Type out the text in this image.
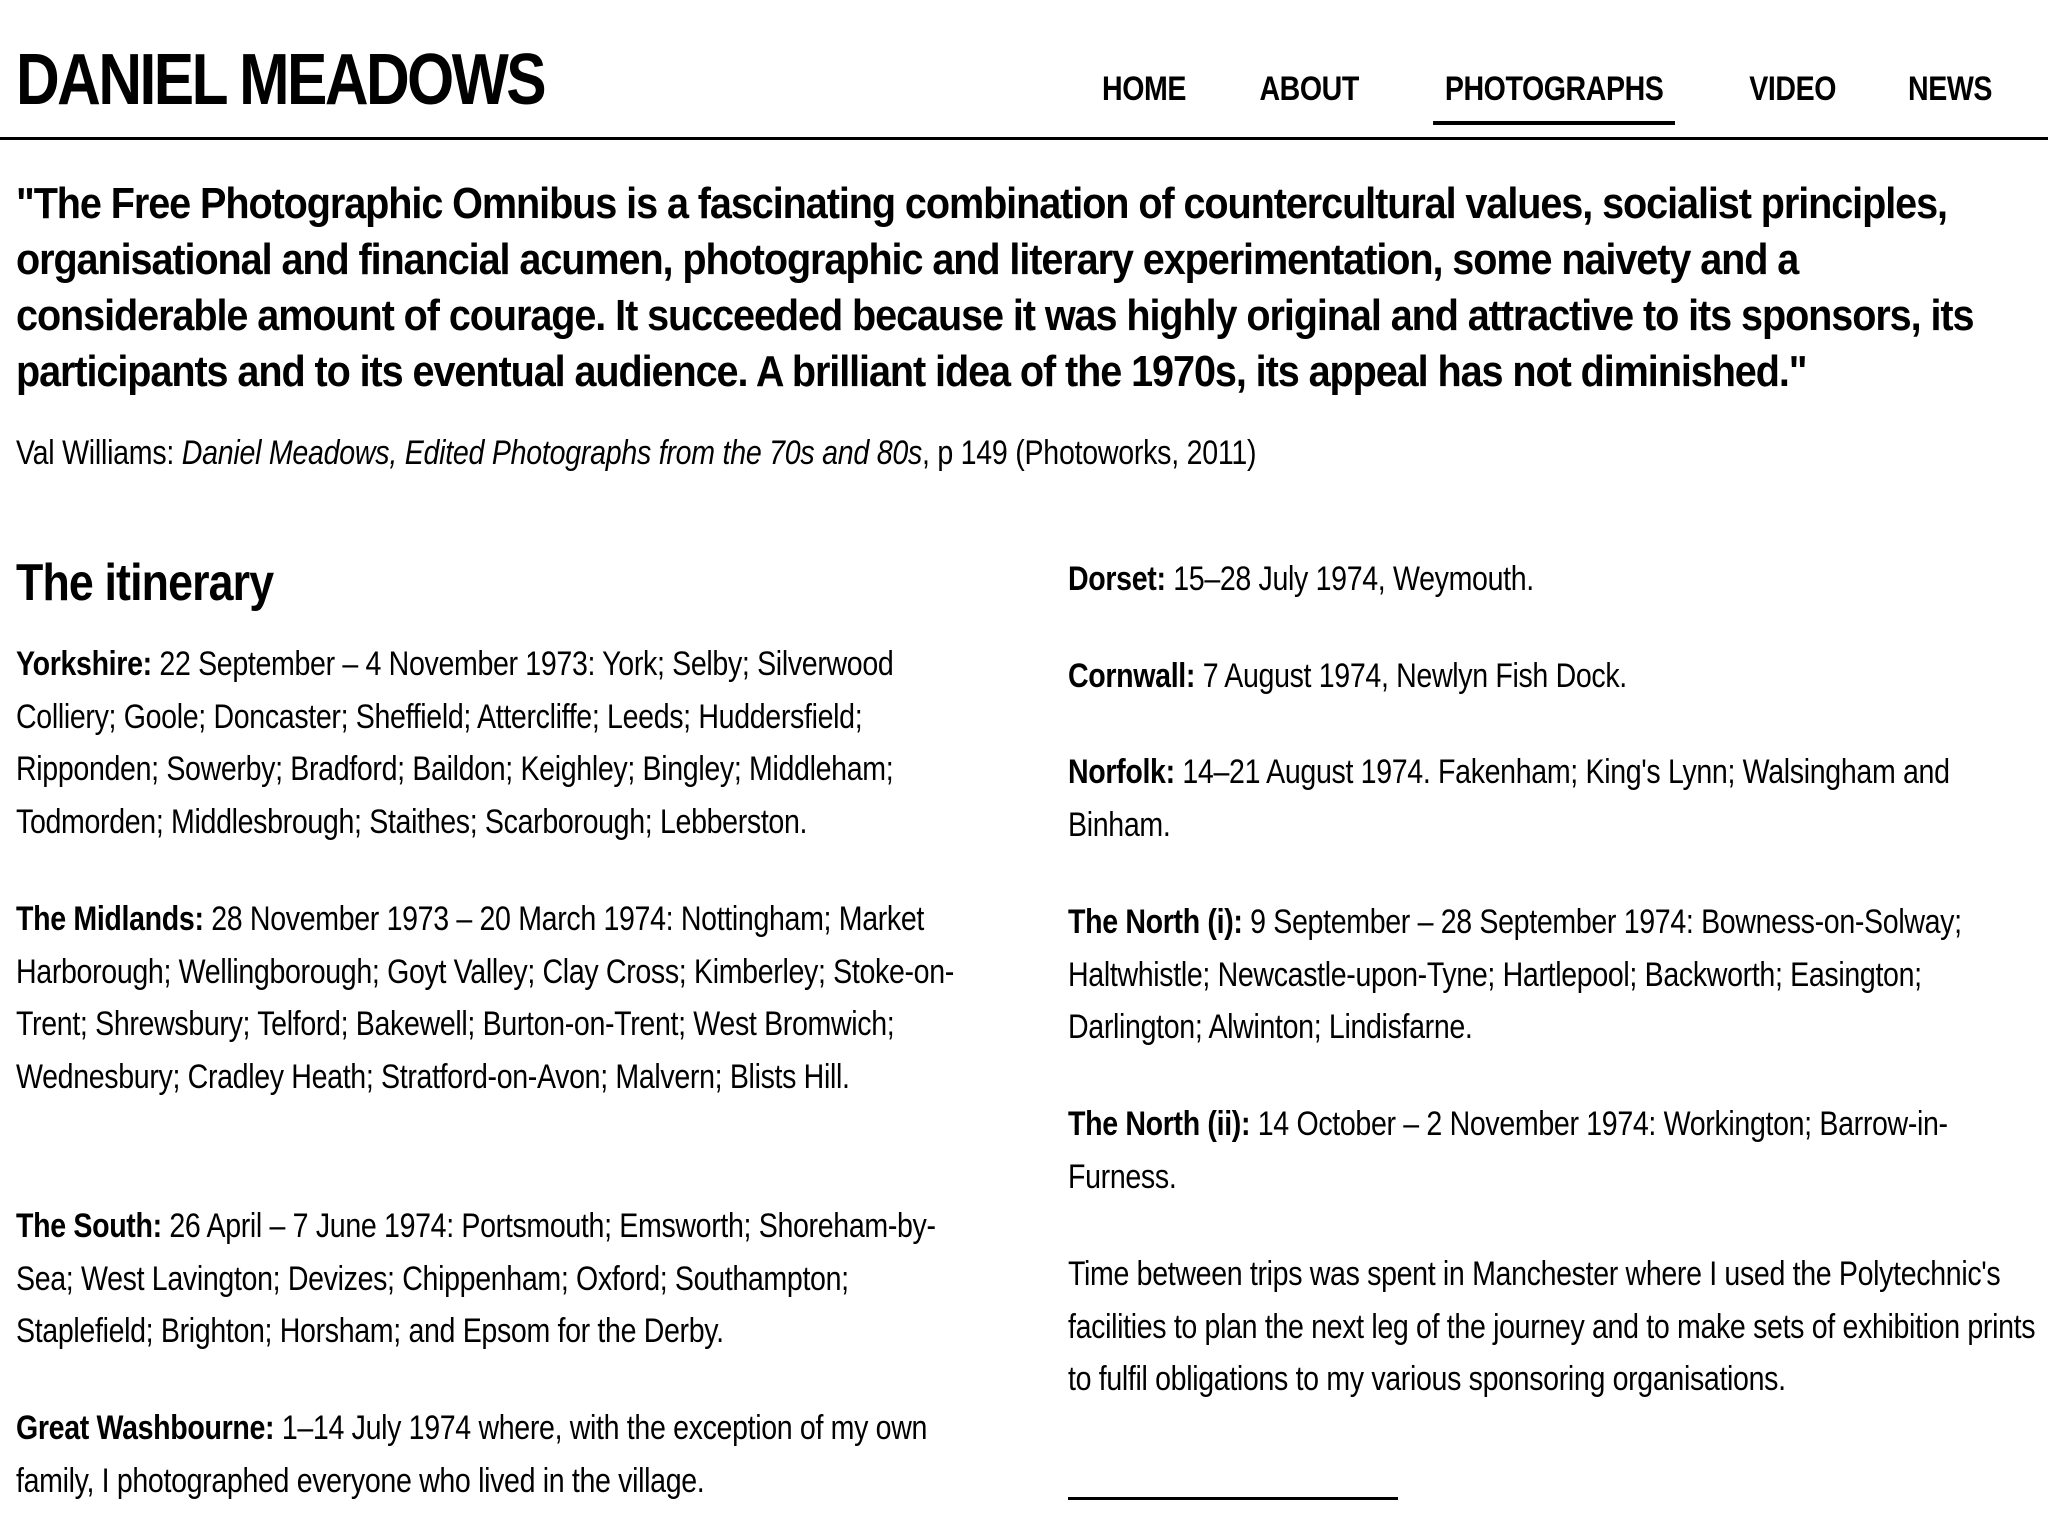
DANIEL MEADOWS	HOME	ABOUT	PHOTOGRAPHS	VIDEO	NEWS
"The Free Photographic Omnibus is a fascinating combination of countercultural values, socialist principles, organisational and financial acumen, photographic and literary experimentation, some naivety and a considerable amount of courage. It succeeded because it was highly original and attractive to its sponsors, its participants and to its eventual audience. A brilliant idea of the 1970s, its appeal has not diminished."
Val Williams: Daniel Meadows, Edited Photographs from the 70s and 80s, p 149 (Photoworks, 2011)
The itinerary
Yorkshire: 22 September – 4 November 1973: York; Selby; Silverwood Colliery; Goole; Doncaster; Sheffield; Attercliffe; Leeds; Huddersfield; Ripponden; Sowerby; Bradford; Baildon; Keighley; Bingley; Middleham; Todmorden; Middlesbrough; Staithes; Scarborough; Lebberston.
The Midlands: 28 November 1973 – 20 March 1974: Nottingham; Market Harborough; Wellingborough; Goyt Valley; Clay Cross; Kimberley; Stoke-on-Trent; Shrewsbury; Telford; Bakewell; Burton-on-Trent; West Bromwich; Wednesbury; Cradley Heath; Stratford-on-Avon; Malvern; Blists Hill.
The South: 26 April – 7 June 1974: Portsmouth; Emsworth; Shoreham-by-Sea; West Lavington; Devizes; Chippenham; Oxford; Southampton; Staplefield; Brighton; Horsham; and Epsom for the Derby.
Great Washbourne: 1–14 July 1974 where, with the exception of my own family, I photographed everyone who lived in the village.
Dorset: 15–28 July 1974, Weymouth.
Cornwall: 7 August 1974, Newlyn Fish Dock.
Norfolk: 14–21 August 1974. Fakenham; King's Lynn; Walsingham and Binham.
The North (i): 9 September – 28 September 1974: Bowness-on-Solway; Haltwhistle; Newcastle-upon-Tyne; Hartlepool; Backworth; Easington; Darlington; Alwinton; Lindisfarne.
The North (ii): 14 October – 2 November 1974: Workington; Barrow-in-Furness.
Time between trips was spent in Manchester where I used the Polytechnic's facilities to plan the next leg of the journey and to make sets of exhibition prints to fulfil obligations to my various sponsoring organisations.
